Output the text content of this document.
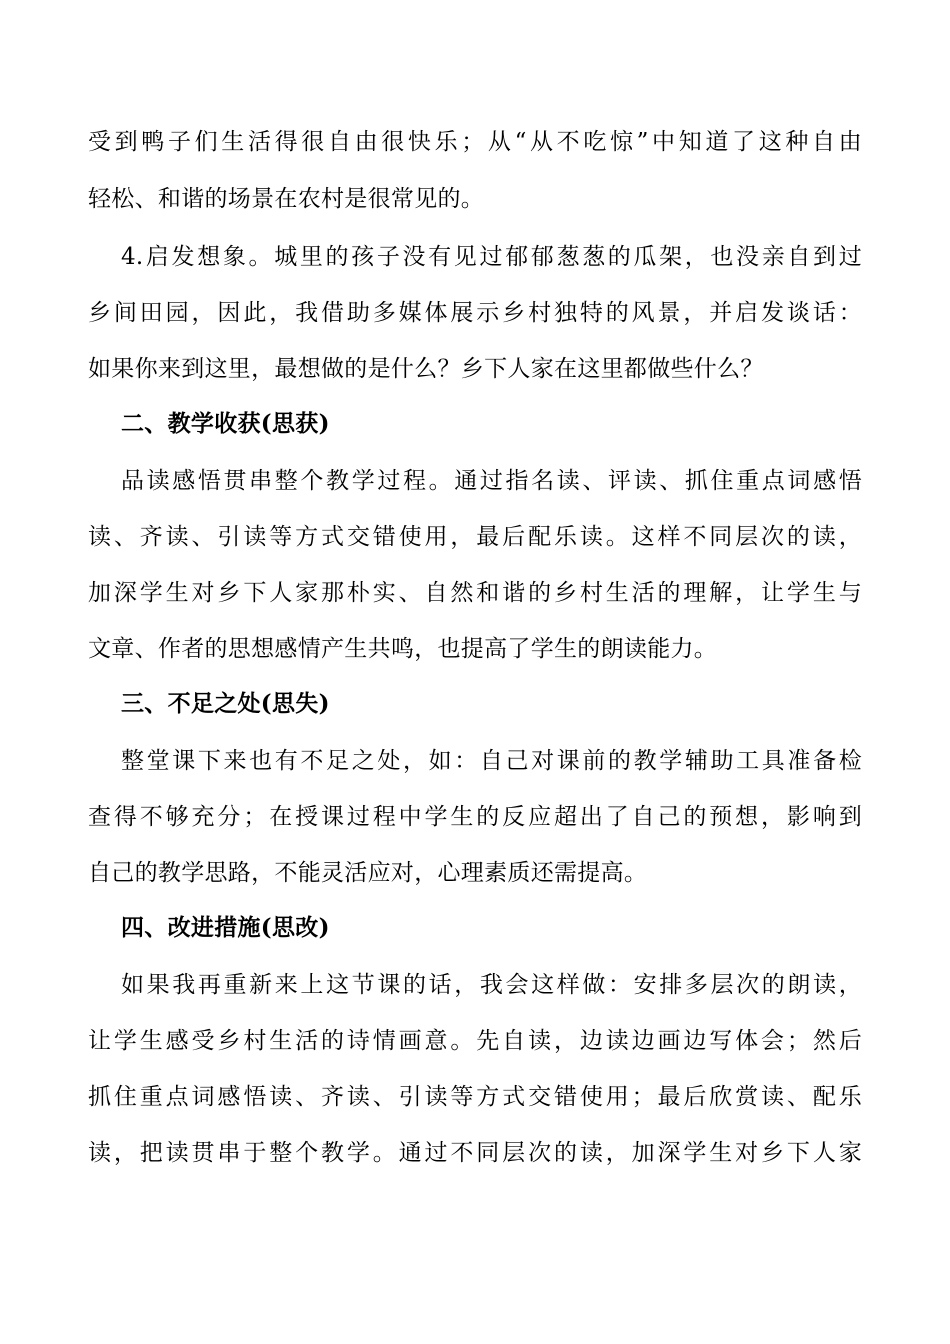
受到鸭子们生活得很自由很快乐；从“从不吃惊”中知道了这种自由
轻松、和谐的场景在农村是很常见的。
4.启发想象。城里的孩子没有见过郁郁葱葱的瓜架，也没亲自到过
乡间田园，因此，我借助多媒体展示乡村独特的风景，并启发谈话：
如果你来到这里，最想做的是什么？乡下人家在这里都做些什么？
二、教学收获(思获)
品读感悟贯串整个教学过程。通过指名读、评读、抓住重点词感悟
读、齐读、引读等方式交错使用，最后配乐读。这样不同层次的读，
加深学生对乡下人家那朴实、自然和谐的乡村生活的理解，让学生与
文章、作者的思想感情产生共鸣，也提高了学生的朗读能力。
三、不足之处(思失)
整堂课下来也有不足之处，如：自己对课前的教学辅助工具准备检
查得不够充分；在授课过程中学生的反应超出了自己的预想，影响到
自己的教学思路，不能灵活应对，心理素质还需提高。
四、改进措施(思改)
如果我再重新来上这节课的话，我会这样做：安排多层次的朗读，
让学生感受乡村生活的诗情画意。先自读，边读边画边写体会；然后
抓住重点词感悟读、齐读、引读等方式交错使用；最后欣赏读、配乐
读，把读贯串于整个教学。通过不同层次的读，加深学生对乡下人家
